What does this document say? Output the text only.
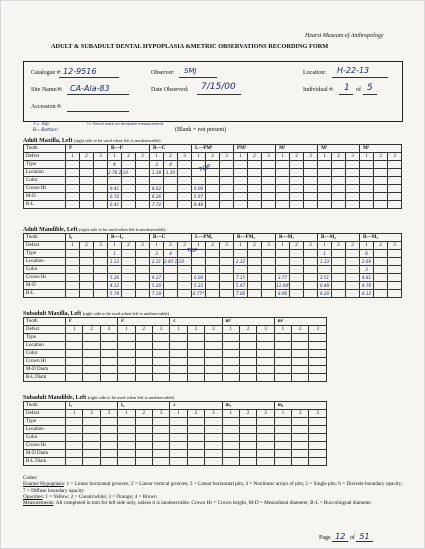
Hearst Museum of Anthropology
ADULT & SUBADULT DENTAL HYPOPLASIA &METRIC OBSERVATIONS RECORDING FORM
Catalogue #: 12-9516	Observer: SMJ	Location: H-22-13
Site Name/#: CA-Ala-83	Date Observed: 7/15/00	Individual #: 1 of 5
Accession #:
T= Top
B= Bottom
*= Pencil mark on template measurement
(Blank = not present)
Adult Maxilla, Left (right side to be used when left is unobservable)
Adult Mandible, Left (right side to be used when left is unobservable)
Subadult Maxilla, Left (right side to be used when left is unobservable)
Subadult Mandible, Left (right side to be used when left is unobservable)
Tooth	I¹			R—I²			R—C			L—PM¹			PM²			M¹			M²			M³		
Defect	1	2	3	1	2	3	1	2	3	1	2	3	1	2	3	1	2	3	1	2	3	1	2	3
Type				4			3	4																
Location				2.76 2.10			1.38	1.20																
Color																								
Crown Ht				9.41			8.62			0.00														
M-D				6.72			6.26			5.97														
B-L				6.41			7.72			8.48														
Tooth	I₁			R—I₂			R—C			L—PM₁			R—PM₂			R—M₁			R—M₂			R—M₃		
Defect	1	2	3	1	2	3	1	2	3	1	2	3	1	2	3	1	2	3	1	2	3	1	2	3
Type				1			3	4											1			6		
Location				1.12			2.31	2.85 1.10					2.32						1.33			2.69		
Color																						3		
Crown Ht				5.26			9.27			0.00			7.15			3.77			3.51			4.81		
M-D				4.12			5.20			5.23			5.97			11.04*			0.48			9.76		
B-L				5.79			7.18			6.77*			7.00			8.96			9.20			8.12		
Tooth	i¹			i²			c			m¹			m²		
Defect	1	2	3	1	2	3	1	2	3	1	2	3	1	2	3
Type															
Location															
Color															
Crown Ht															
M-D Diam															
B-L Diam															
Tooth	i₁			i₂			c			m₁			m₂		
Defect	1	2	3	1	2	3	1	2	3	1	2	3	1	2	3
Type															
Location															
Color															
Crown Ht															
M-D Diam															
B-L Diam															
TOP
TOP
Codes:
Enamel Hypoplasia: 1 = Linear horizontal grooves; 2 = Linear vertical grooves; 3 = Linear horizontal pits; 4 = Nonlinear arrays of pits; 5 = Single pits; 6 = Discrete boundary opacity; 7 = Diffuse boundary opacity
Opacities: 1 = Yellow; 2 = Cream/white; 3 = Orange; 4 = Brown
Measurements: All completed in mm for left side only, unless it is unobservable. Crown Ht = Crown height, M-D = Mesiodistal diameter, B-L = Buccolingual diameter.
Page 12 of 51
